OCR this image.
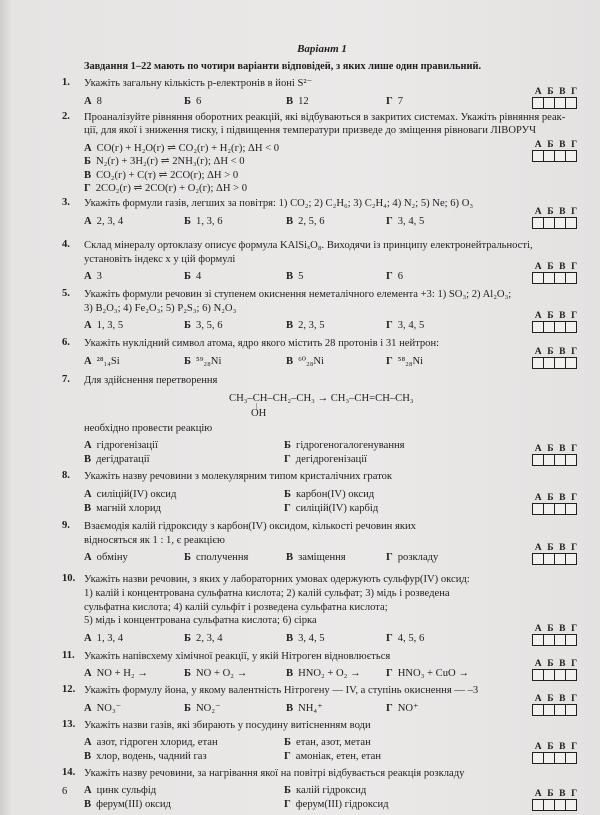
Варіант 1
Завдання 1–22 мають по чотири варіанти відповідей, з яких лише один правильний.
1. Укажіть загальну кількість p-електронів в йоні S²⁻
А 8	Б 6	В 12	Г 7
А Б В Г
2. Проаналізуйте рівняння оборотних реакцій, які відбуваються в закритих системах. Укажіть рівняння реак-
ції, для якої і зниження тиску, і підвищення температури призведе до зміщення рівноваги ЛІВОРУЧ
А CO(г) + H₂O(г) ⇌ CO₂(г) + H₂(г); ΔH < 0
Б N₂(г) + 3H₂(г) ⇌ 2NH₃(г); ΔH < 0
В CO₂(г) + C(т) ⇌ 2CO(г); ΔH > 0
Г 2CO₂(г) ⇌ 2CO(г) + O₂(г); ΔH > 0
А Б В Г
3. Укажіть формули газів, легших за повітря: 1) CO₂; 2) C₂H₆; 3) C₂H₄; 4) N₂; 5) Ne; 6) O₃
А 2, 3, 4	Б 1, 3, 6	В 2, 5, 6	Г 3, 4, 5
А Б В Г
4. Склад мінералу ортоклазу описує формула KAlSiₓO₈. Виходячи із принципу електронейтральності,
установіть індекс x у цій формулі
А 3	Б 4	В 5	Г 6
А Б В Г
5. Укажіть формули речовин зі ступенем окиснення неметалічного елемента +3: 1) SO₃; 2) Al₂O₃;
3) B₂O₃; 4) Fe₂O₃; 5) P₂S₃; 6) N₂O₃
А 1, 3, 5	Б 3, 5, 6	В 2, 3, 5	Г 3, 4, 5
А Б В Г
6. Укажіть нуклідний символ атома, ядро якого містить 28 протонів і 31 нейтрон:
А ²⁸₁₄Si	Б ⁵⁹₂₈Ni	В ⁶⁰₂₈Ni	Г ⁵⁸₂₈Ni
А Б В Г
7. Для здійснення перетворення
CH₃–CH–CH₂–CH₃ → CH₃–CH=CH–CH₃
|
OH
необхідно провести реакцію
А гідрогенізації	Б гідрогеногалогенування
В дегідратації	Г дегідрогенізації
А Б В Г
8. Укажіть назву речовини з молекулярним типом кристалічних граток
А силіцій(IV) оксид	Б карбон(IV) оксид
В магній хлорид	Г силіцій(IV) карбід
А Б В Г
9. Взаємодія калій гідроксиду з карбон(IV) оксидом, кількості речовин яких
відносяться як 1 : 1, є реакцією
А обміну	Б сполучення	В заміщення	Г розкладу
А Б В Г
10. Укажіть назви речовин, з яких у лабораторних умовах одержують сульфур(IV) оксид:
1) калій і концентрована сульфатна кислота; 2) калій сульфат; 3) мідь і розведена
сульфатна кислота; 4) калій сульфіт і розведена сульфатна кислота;
5) мідь і концентрована сульфатна кислота; 6) сірка
А 1, 3, 4	Б 2, 3, 4	В 3, 4, 5	Г 4, 5, 6
А Б В Г
11. Укажіть напівсхему хімічної реакції, у якій Нітроген відновлюється
А NO + H₂ →	Б NO + O₂ →	В HNO₂ + O₂ →	Г HNO₃ + CuO →
А Б В Г
12. Укажіть формулу йона, у якому валентність Нітрогену — IV, а ступінь окиснення — –3
А NO₃⁻	Б NO₂⁻	В NH₄⁺	Г NO⁺
А Б В Г
13. Укажіть назви газів, які збирають у посудину витісненням води
А азот, гідроген хлорид, етан	Б етан, азот, метан
В хлор, водень, чадний газ	Г амоніак, етен, етан
А Б В Г
14. Укажіть назву речовини, за нагрівання якої на повітрі відбувається реакція розкладу
А цинк сульфід	Б калій гідроксид
В ферум(III) оксид	Г ферум(III) гідроксид
А Б В Г
6
